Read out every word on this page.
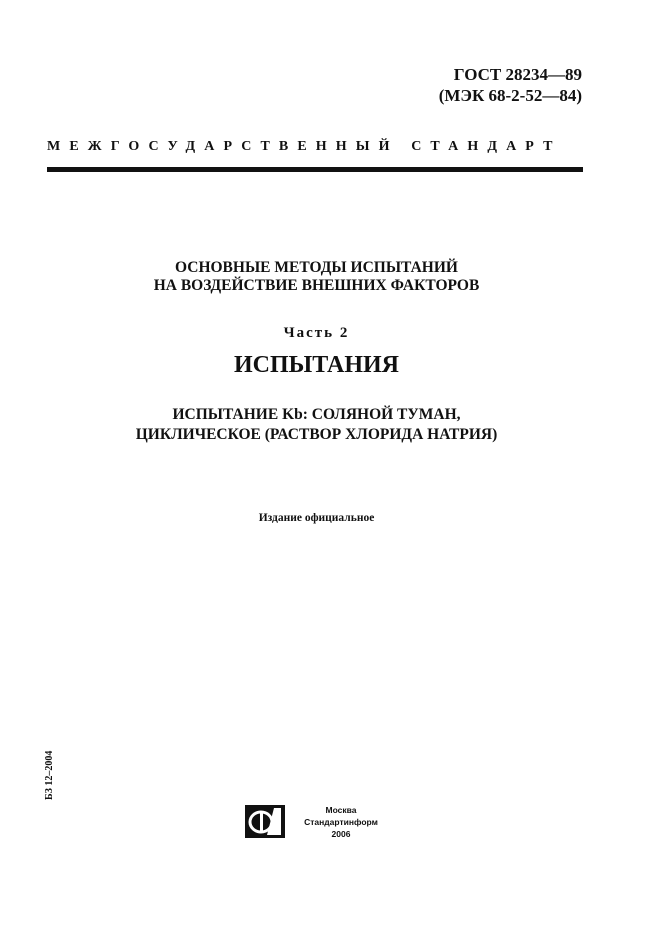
ГОСТ 28234—89
(МЭК 68-2-52—84)
МЕЖГОСУДАРСТВЕННЫЙ СТАНДАРТ
ОСНОВНЫЕ МЕТОДЫ ИСПЫТАНИЙ
НА ВОЗДЕЙСТВИЕ ВНЕШНИХ ФАКТОРОВ
Часть 2
ИСПЫТАНИЯ
ИСПЫТАНИЕ Kb: СОЛЯНОЙ ТУМАН,
ЦИКЛИЧЕСКОЕ (РАСТВОР ХЛОРИДА НАТРИЯ)
Издание официальное
БЗ 12–2004
Москва
Стандартинформ
2006
